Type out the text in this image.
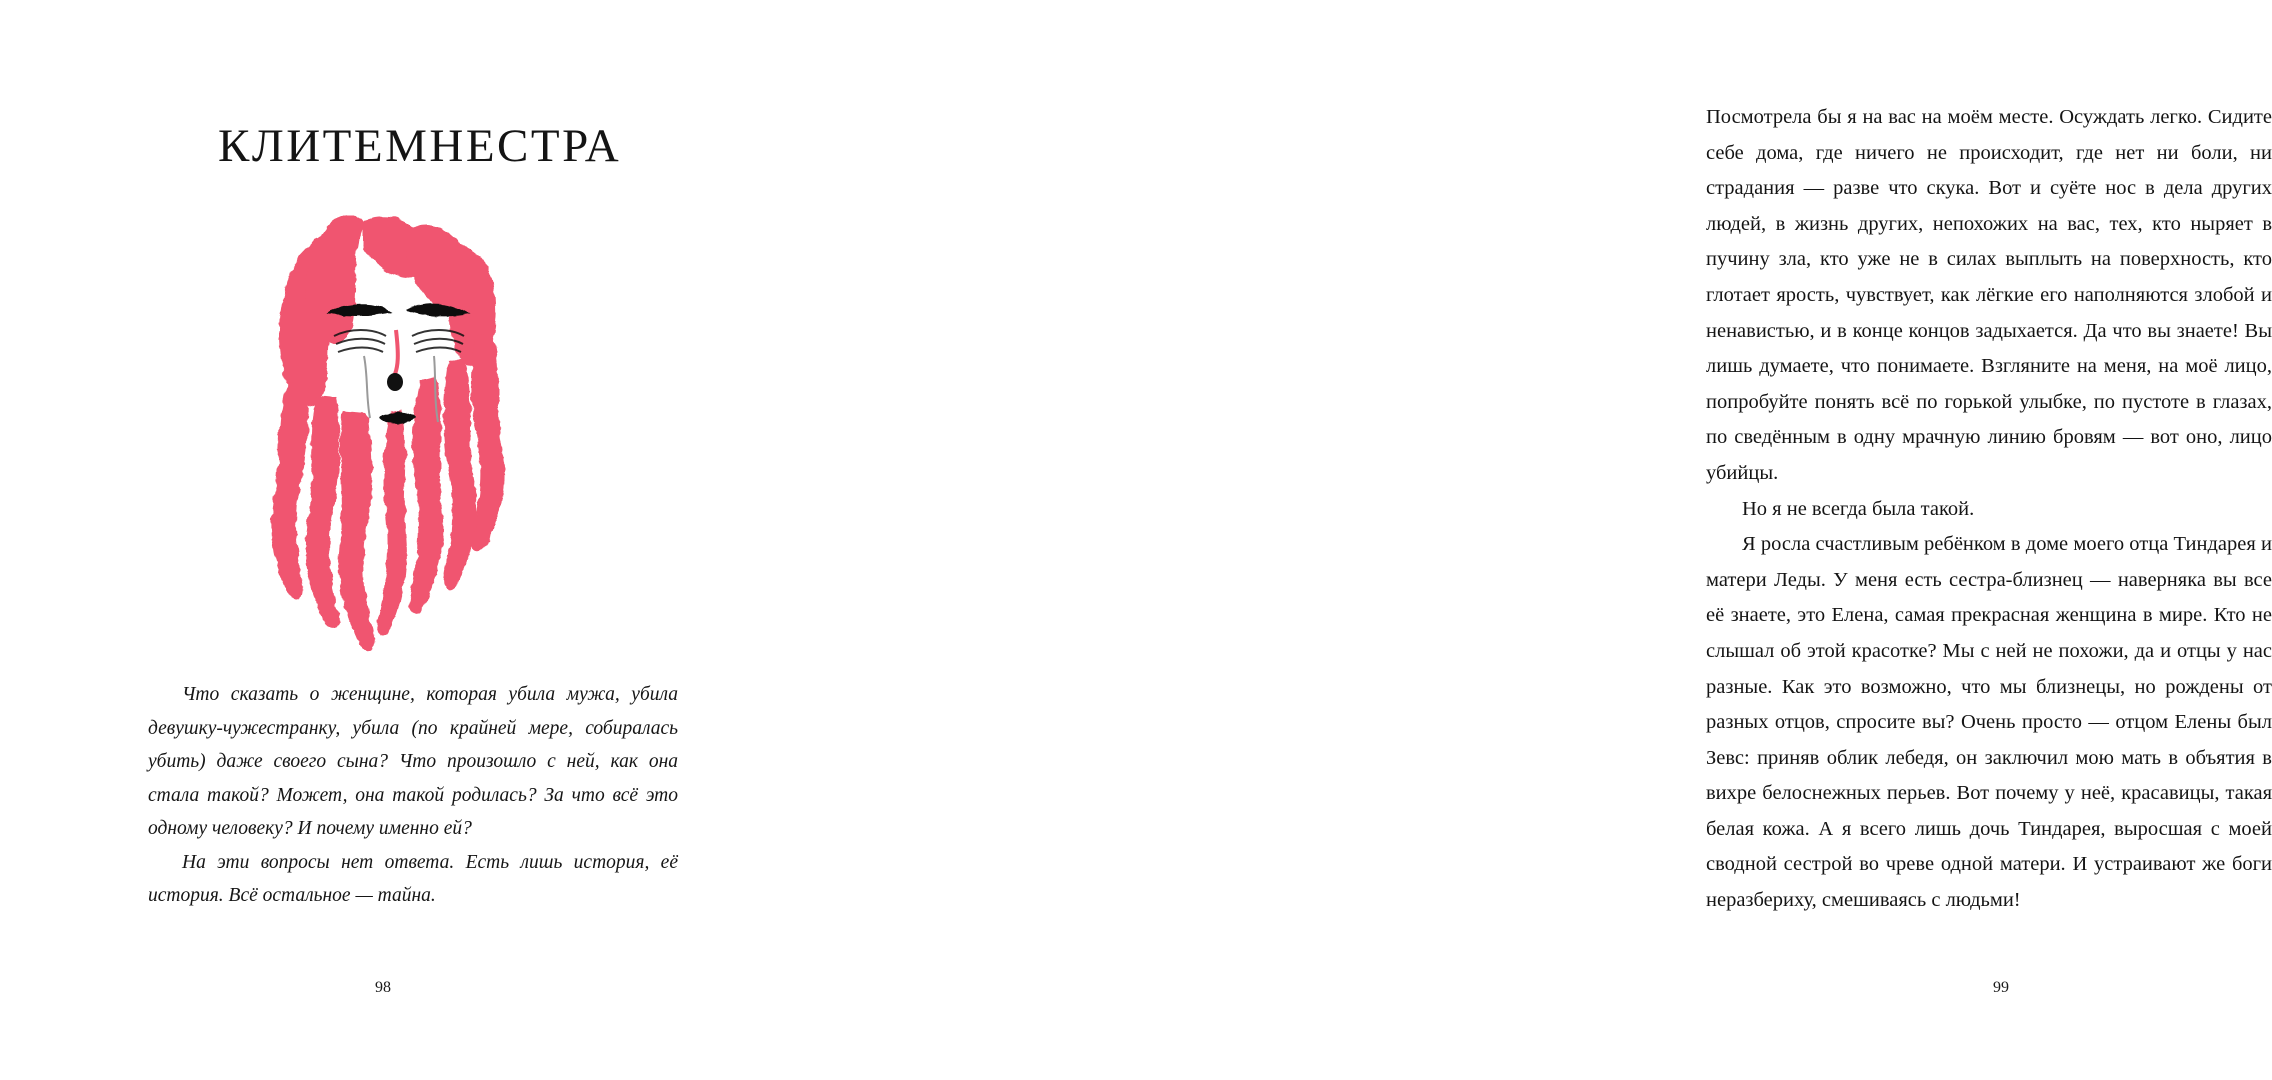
КЛИТЕМНЕСТРА

Что сказать о женщине, которая убила мужа, убила девушку-чужестранку, убила (по крайней мере, собиралась убить) даже своего сына? Что произошло с ней, как она стала такой? Может, она такой родилась? За что всё это одному человеку? И почему именно ей?

На эти вопросы нет ответа. Есть лишь история, её история. Всё остальное — тайна.

98

Посмотрела бы я на вас на моём месте. Осуждать легко. Сидите себе дома, где ничего не происходит, где нет ни боли, ни страдания — разве что скука. Вот и суёте нос в дела других людей, в жизнь других, непохожих на вас, тех, кто ныряет в пучину зла, кто уже не в силах выплыть на поверхность, кто глотает ярость, чувствует, как лёгкие его наполняются злобой и ненавистью, и в конце концов задыхается. Да что вы знаете! Вы лишь думаете, что понимаете. Взгляните на меня, на моё лицо, попробуйте понять всё по горькой улыбке, по пустоте в глазах, по сведённым в одну мрачную линию бровям — вот оно, лицо убийцы.

Но я не всегда была такой.

Я росла счастливым ребёнком в доме моего отца Тиндарея и матери Леды. У меня есть сестра-близнец — наверняка вы все её знаете, это Елена, самая прекрасная женщина в мире. Кто не слышал об этой красотке? Мы с ней не похожи, да и отцы у нас разные. Как это возможно, что мы близнецы, но рождены от разных отцов, спросите вы? Очень просто — отцом Елены был Зевс: приняв облик лебедя, он заключил мою мать в объятия в вихре белоснежных перьев. Вот почему у неё, красавицы, такая белая кожа. А я всего лишь дочь Тиндарея, выросшая с моей сводной сестрой во чреве одной матери. И устраивают же боги неразбериху, смешиваясь с людьми!

99
